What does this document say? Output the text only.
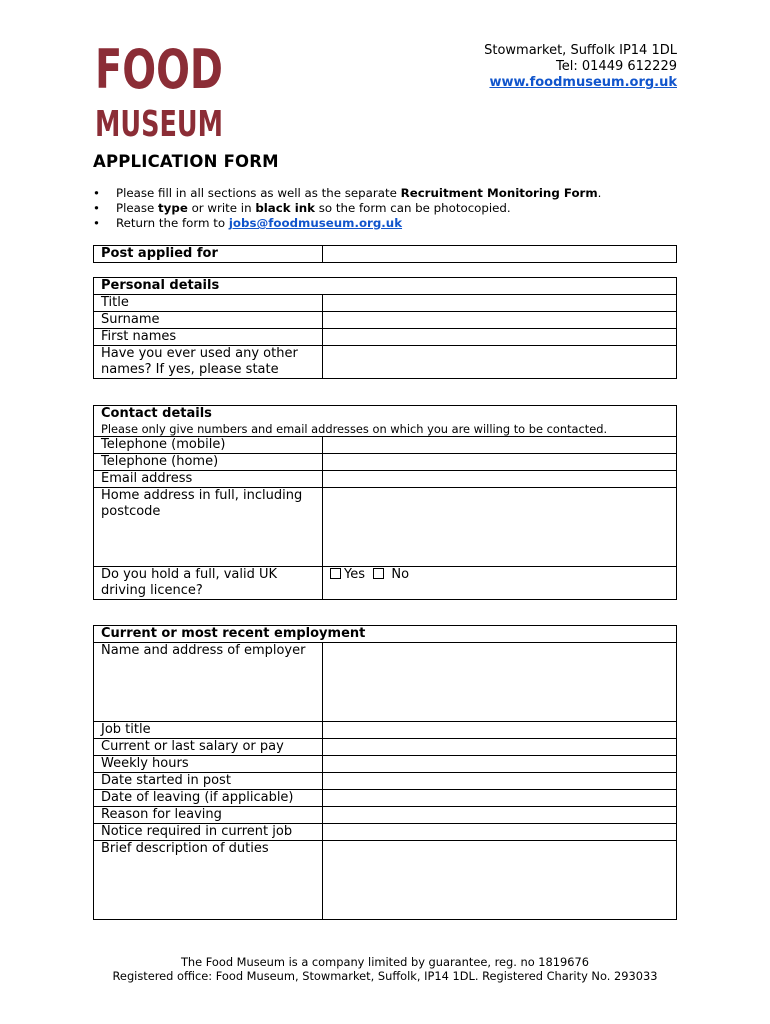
FOOD
MUSEUM
Stowmarket, Suffolk IP14 1DL
Tel: 01449 612229
www.foodmuseum.org.uk
APPLICATION FORM
• Please fill in all sections as well as the separate Recruitment Monitoring Form.
• Please type or write in black ink so the form can be photocopied.
• Return the form to jobs@foodmuseum.org.uk
Post applied for	
Personal details	
Title	
Surname	
First names	
Have you ever used any other names? If yes, please state	
Contact details
Please only give numbers and email addresses on which you are willing to be contacted.	

Telephone (mobile)	
Telephone (home)	
Email address	
Home address in full, including postcode	
Do you hold a full, valid UK driving licence?	Yes No
Current or most recent employment	
Name and address of employer	
Job title	
Current or last salary or pay	
Weekly hours	
Date started in post	
Date of leaving (if applicable)	
Reason for leaving	
Notice required in current job	
Brief description of duties	
The Food Museum is a company limited by guarantee, reg. no 1819676
Registered office: Food Museum, Stowmarket, Suffolk, IP14 1DL. Registered Charity No. 293033
